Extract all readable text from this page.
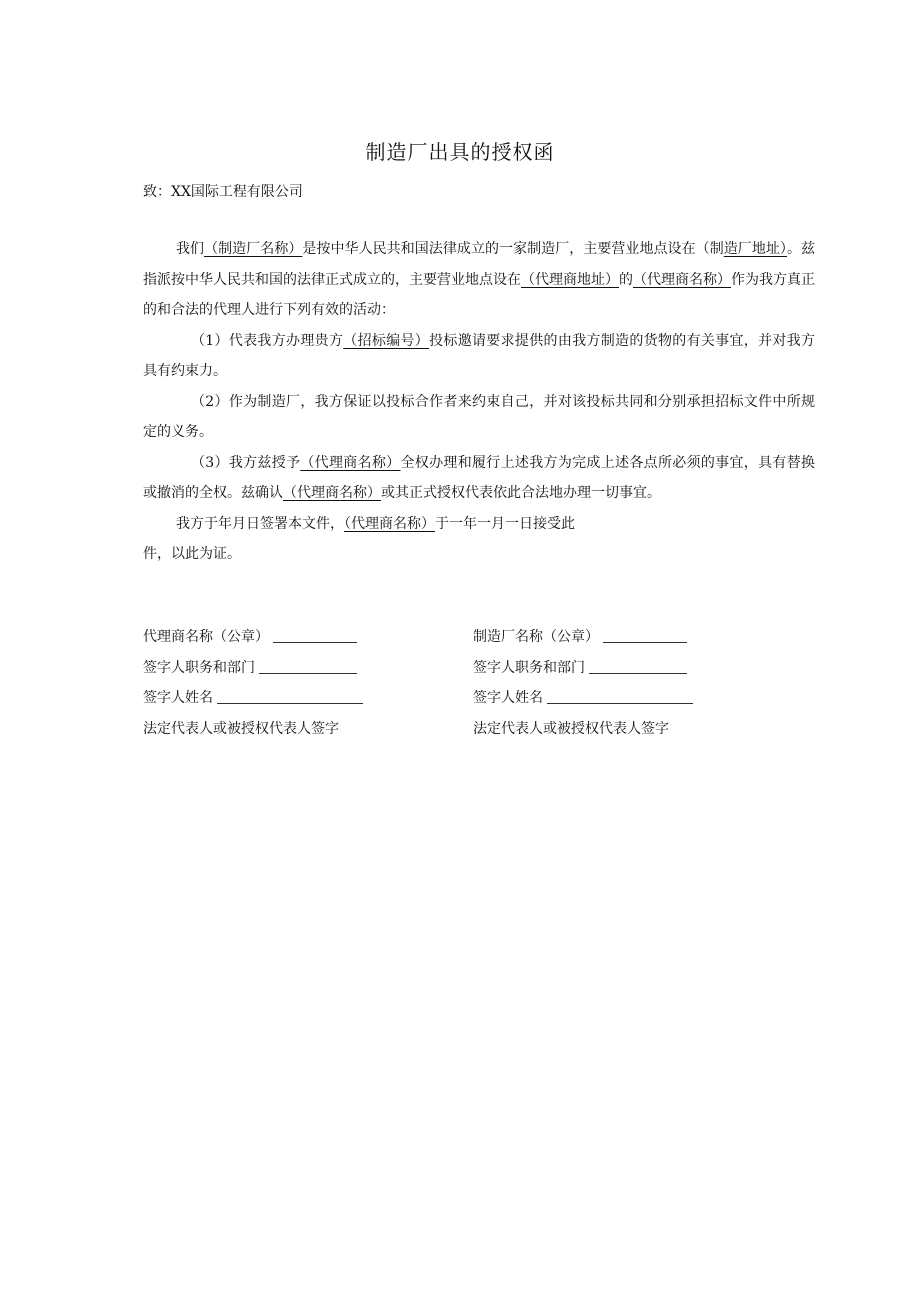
制造厂出具的授权函
致：XX国际工程有限公司

我们（制造厂名称）是按中华人民共和国法律成立的一家制造厂，主要营业地点设在（制造厂地址）。兹指派按中华人民共和国的法律正式成立的，主要营业地点设在（代理商地址）的（代理商名称）作为我方真正的和合法的代理人进行下列有效的活动：

（1）代表我方办理贵方（招标编号）投标邀请要求提供的由我方制造的货物的有关事宜，并对我方具有约束力。

（2）作为制造厂，我方保证以投标合作者来约束自己，并对该投标共同和分别承担招标文件中所规定的义务。

（3）我方兹授予（代理商名称）全权办理和履行上述我方为完成上述各点所必须的事宜，具有替换或撤消的全权。兹确认（代理商名称）或其正式授权代表依此合法地办理一切事宜。

我方于年月日签署本文件，（代理商名称）于一年一月一日接受此

件，以此为证。

代理商名称（公章）
签字人职务和部门
签字人姓名
法定代表人或被授权代表人签字
制造厂名称（公章）
签字人职务和部门
签字人姓名
法定代表人或被授权代表人签字
